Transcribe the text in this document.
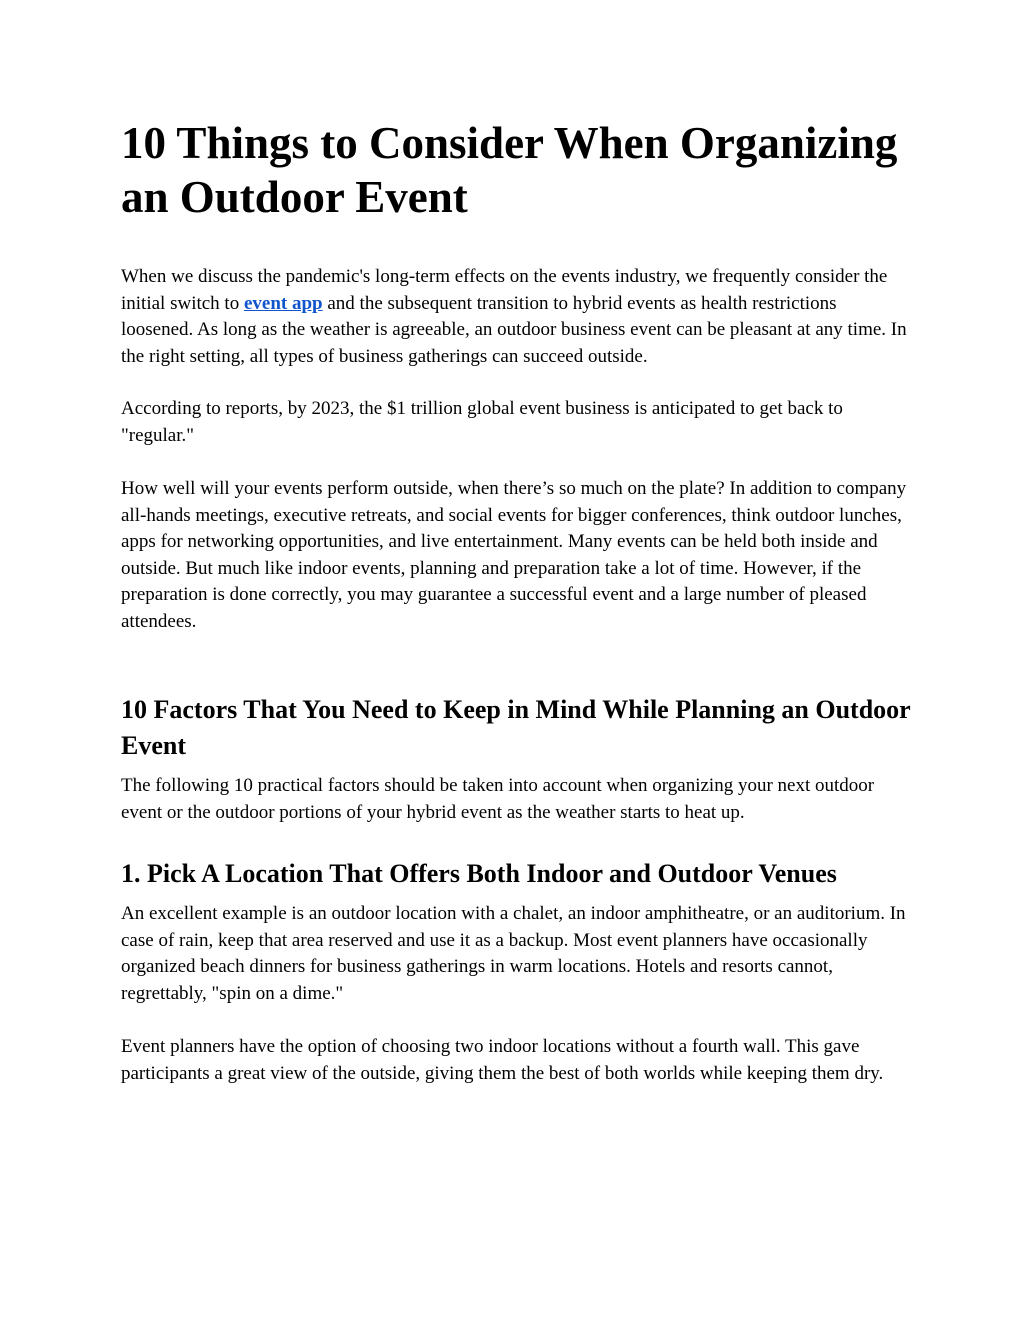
10 Things to Consider When Organizing an Outdoor Event

When we discuss the pandemic's long-term effects on the events industry, we frequently consider the initial switch to event app and the subsequent transition to hybrid events as health restrictions loosened. As long as the weather is agreeable, an outdoor business event can be pleasant at any time. In the right setting, all types of business gatherings can succeed outside.

According to reports, by 2023, the $1 trillion global event business is anticipated to get back to "regular."

How well will your events perform outside, when there’s so much on the plate? In addition to company all-hands meetings, executive retreats, and social events for bigger conferences, think outdoor lunches, apps for networking opportunities, and live entertainment. Many events can be held both inside and outside. But much like indoor events, planning and preparation take a lot of time. However, if the preparation is done correctly, you may guarantee a successful event and a large number of pleased attendees.

10 Factors That You Need to Keep in Mind While Planning an Outdoor Event

The following 10 practical factors should be taken into account when organizing your next outdoor event or the outdoor portions of your hybrid event as the weather starts to heat up.

1. Pick A Location That Offers Both Indoor and Outdoor Venues

An excellent example is an outdoor location with a chalet, an indoor amphitheatre, or an auditorium. In case of rain, keep that area reserved and use it as a backup. Most event planners have occasionally organized beach dinners for business gatherings in warm locations. Hotels and resorts cannot, regrettably, "spin on a dime."

Event planners have the option of choosing two indoor locations without a fourth wall. This gave participants a great view of the outside, giving them the best of both worlds while keeping them dry.
